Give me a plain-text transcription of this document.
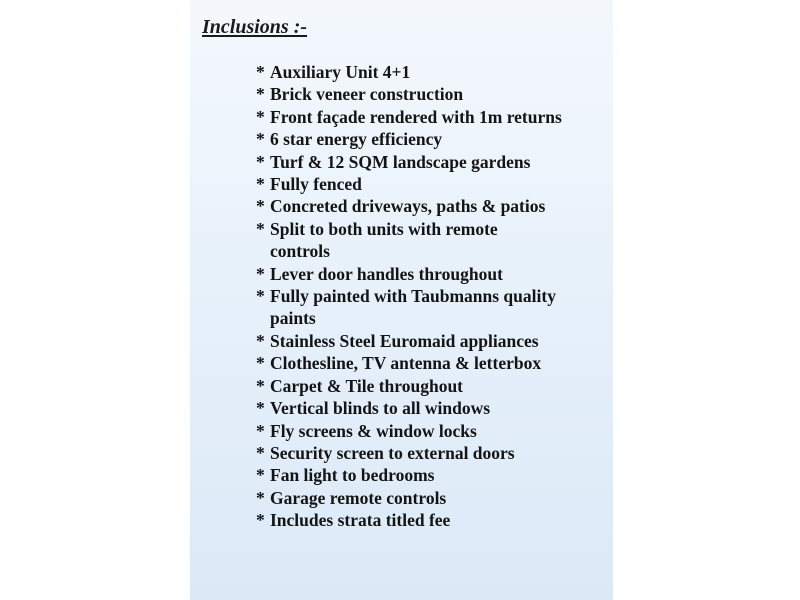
Inclusions :-
* Auxiliary Unit 4+1
* Brick veneer construction
* Front façade rendered with 1m returns
* 6 star energy efficiency
* Turf & 12 SQM landscape gardens
* Fully fenced
* Concreted driveways, paths & patios
* Split to both units with remote controls
* Lever door handles throughout
* Fully painted with Taubmanns quality paints
* Stainless Steel Euromaid appliances
* Clothesline, TV antenna & letterbox
* Carpet & Tile throughout
* Vertical blinds to all windows
* Fly screens & window locks
* Security screen to external doors
* Fan light to bedrooms
* Garage remote controls
* Includes strata titled fee
